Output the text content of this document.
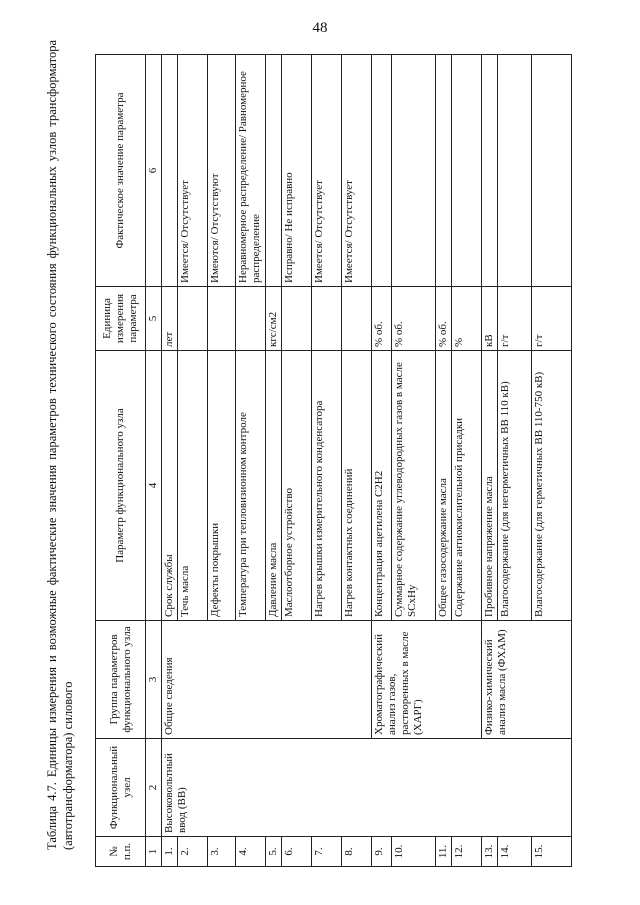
48
Таблица 4.7. Единицы измерения и возможные фактические значения параметров технического состояния функциональных узлов трансформатора (автотрансформатора) силового
№ п.п.	Функциональный узел	Группа параметров функционального узла	Параметр функционального узла	Единица измерения параметра	Фактическое значение параметра
1	2	3	4	5	6
1.	Высоковольтный ввод (ВВ)	Общие сведения	Срок службы	лет	
2.			Течь масла		Имеется/ Отсутствует
3.			Дефекты покрышки		Имеются/ Отсутствуют
4.			Температура при тепловизионном контроле		Неравномерное распределение/ Равномерное распределение
5.			Давление масла	кгс/см2	
6.			Маслоотборное устройство		Исправно/ Не исправно
7.			Нагрев крышки измерительного конденсатора		Имеется/ Отсутствует
8.			Нагрев контактных соединений		Имеется/ Отсутствует
9.		Хроматографический анализ газов, растворенных в масле (ХАРГ)	Концентрация ацетилена С2Н2	% об.	
10.			Суммарное содержание углеводородных газов в масле SCxHy	% об.	
11.			Общее газосодержание масла	% об.	
12.			Содержание антиокислительной присадки	%	
13.		Физико-химический анализ масла (ФХАМ)	Пробивное напряжение масла	кВ	
14.			Влагосодержание (для негерметичных ВВ 110 кВ)	г/т	
15.			Влагосодержание (для герметичных ВВ 110-750 кВ)	г/т	
